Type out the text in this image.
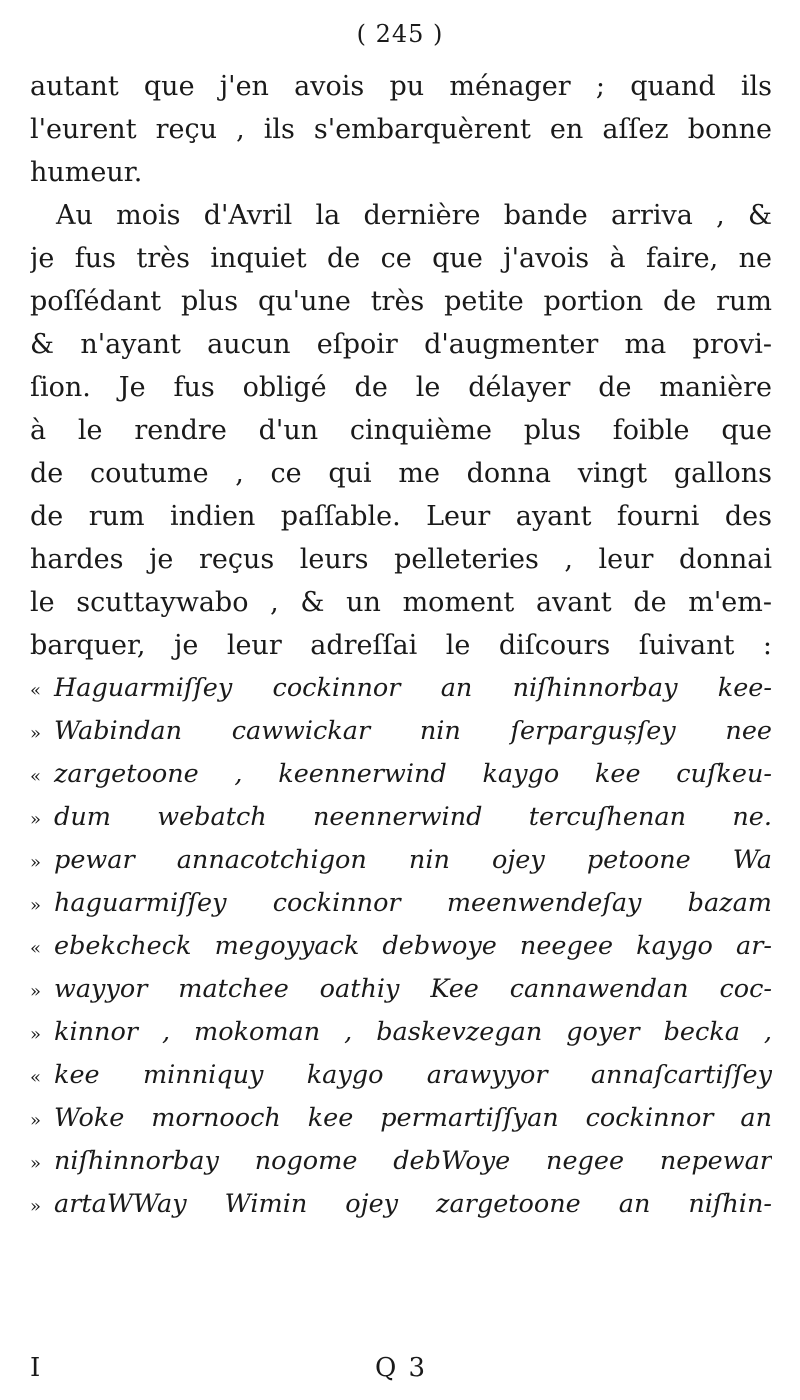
( 245 )
autant que j'en avois pu ménager ; quand ils
l'eurent reçu , ils s'embarquèrent en aſſez bonne
humeur.
Au mois d'Avril la dernière bande arriva , &
je fus très inquiet de ce que j'avois à faire, ne
poſſédant plus qu'une très petite portion de rum
& n'ayant aucun eſpoir d'augmenter ma provi-
ſion. Je fus obligé de le délayer de manière
à le rendre d'un cinquième plus foible que
de coutume , ce qui me donna vingt gallons
de rum indien paſſable. Leur ayant fourni des
hardes je reçus leurs pelleteries , leur donnai
le scuttaywabo , & un moment avant de m'em-
barquer, je leur adreſſai le diſcours ſuivant :
« Haguarmiſſey cockinnor an niſhinnorbay kee-
» Wabindan cawwickar nin ſerpargușſey nee
« zargetoone , keennerwind kaygo kee cuſkeu-
» dum webatch neennerwind tercuſhenan ne.
» pewar annacotchigon nin ojey petoone Wa
» haguarmiſſey cockinnor meenwendeſay bazam
« ebekcheck megoyyack debwoye neegee kaygo ar-
» wayyor matchee oathiy Kee cannawendan coc-
» kinnor , mokoman , baskevzegan goyer becka ,
« kee minniquy kaygo arawyyor annaſcartiſſey
» Woke mornooch kee permartiſſyan cockinnor an
» niſhinnorbay nogome debWoye negee nepewar
» artaWWay Wimin ojey zargetoone an niſhin-
I	Q 3
